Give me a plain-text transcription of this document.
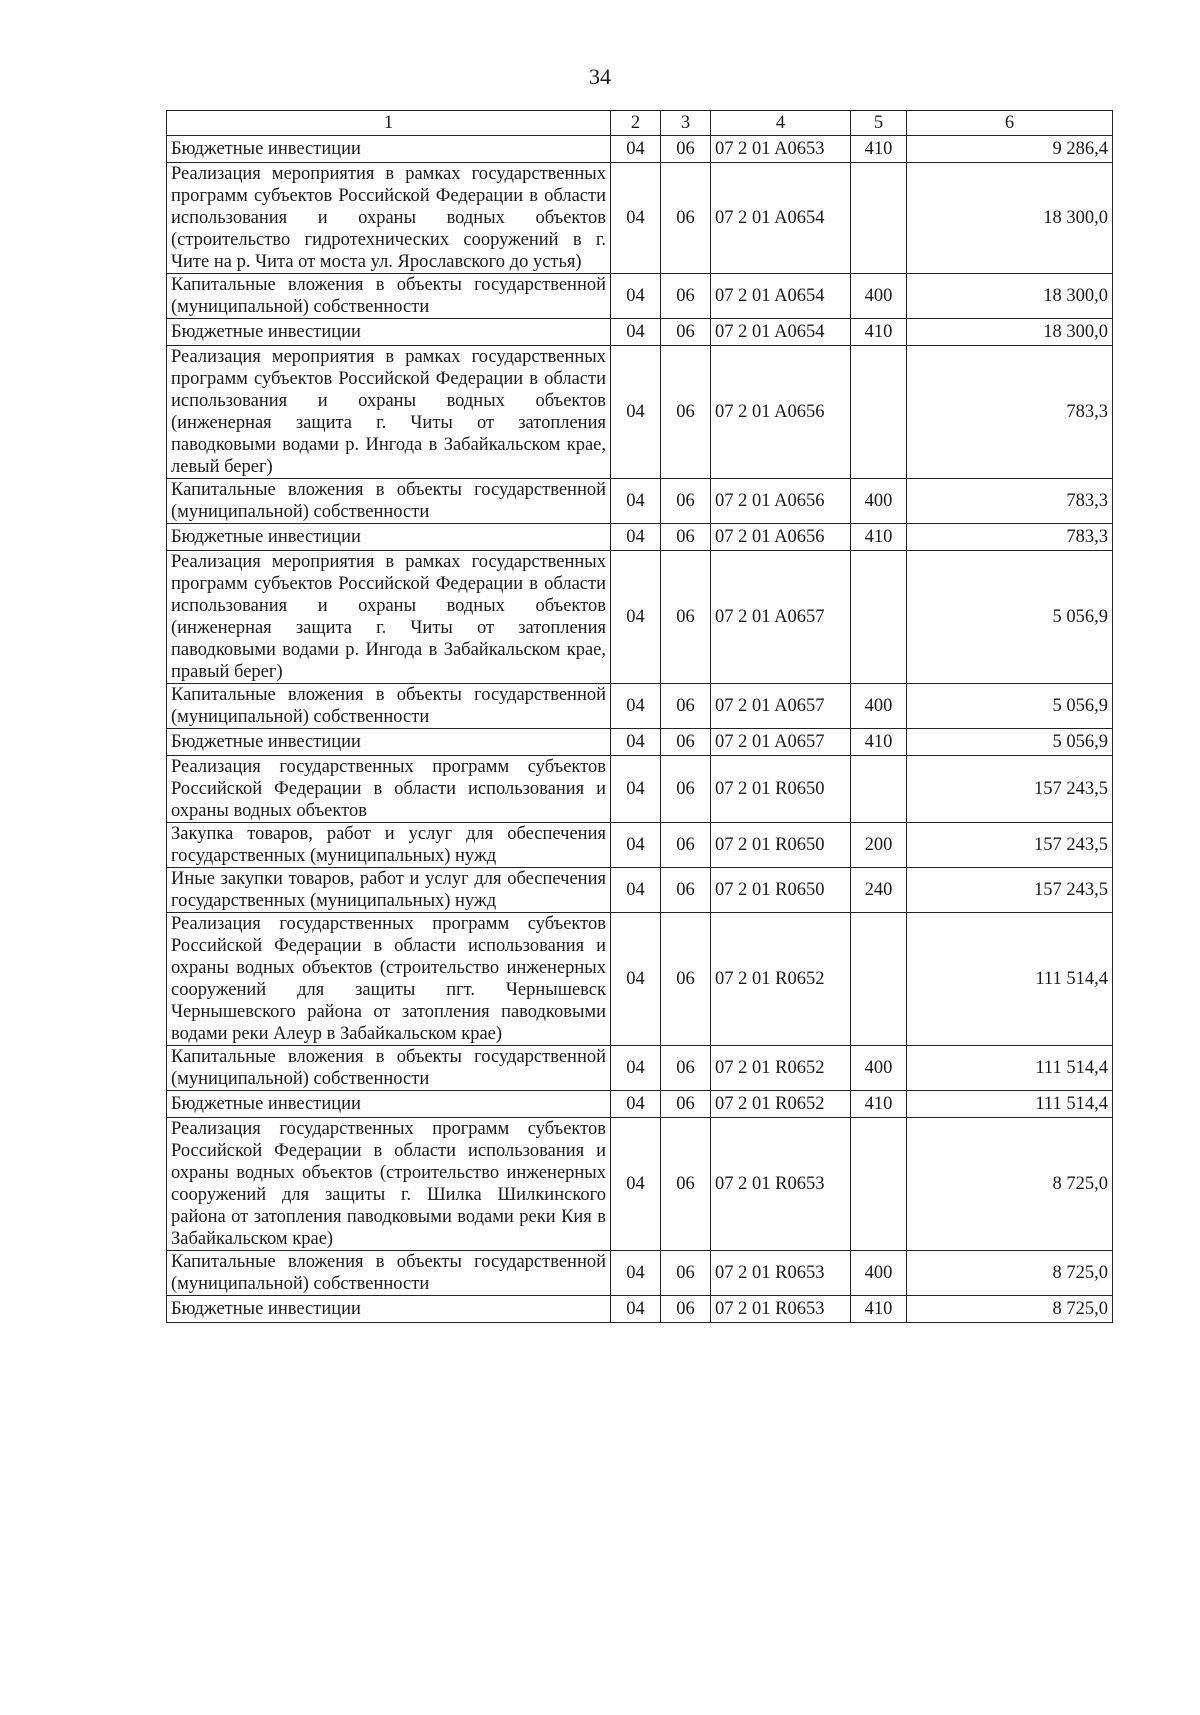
34
1	2	3	4	5	6
Бюджетные инвестиции	04	06	07 2 01 A0653	410	9 286,4
Реализация мероприятия в рамках государственных программ субъектов Российской Федерации в области использования и охраны водных объектов (строительство гидротехнических сооружений в г. Чите на р. Чита от моста ул. Ярославского до устья)	04	06	07 2 01 A0654		18 300,0
Капитальные вложения в объекты государственной (муниципальной) собственности	04	06	07 2 01 A0654	400	18 300,0
Бюджетные инвестиции	04	06	07 2 01 A0654	410	18 300,0
Реализация мероприятия в рамках государственных программ субъектов Российской Федерации в области использования и охраны водных объектов (инженерная защита г. Читы от затопления паводковыми водами р. Ингода в Забайкальском крае, левый берег)	04	06	07 2 01 A0656		783,3
Капитальные вложения в объекты государственной (муниципальной) собственности	04	06	07 2 01 A0656	400	783,3
Бюджетные инвестиции	04	06	07 2 01 A0656	410	783,3
Реализация мероприятия в рамках государственных программ субъектов Российской Федерации в области использования и охраны водных объектов (инженерная защита г. Читы от затопления паводковыми водами р. Ингода в Забайкальском крае, правый берег)	04	06	07 2 01 A0657		5 056,9
Капитальные вложения в объекты государственной (муниципальной) собственности	04	06	07 2 01 A0657	400	5 056,9
Бюджетные инвестиции	04	06	07 2 01 A0657	410	5 056,9
Реализация государственных программ субъектов Российской Федерации в области использования и охраны водных объектов	04	06	07 2 01 R0650		157 243,5
Закупка товаров, работ и услуг для обеспечения государственных (муниципальных) нужд	04	06	07 2 01 R0650	200	157 243,5
Иные закупки товаров, работ и услуг для обеспечения государственных (муниципальных) нужд	04	06	07 2 01 R0650	240	157 243,5
Реализация государственных программ субъектов Российской Федерации в области использования и охраны водных объектов (строительство инженерных сооружений для защиты пгт. Чернышевск Чернышевского района от затопления паводковыми водами реки Алеур в Забайкальском крае)	04	06	07 2 01 R0652		111 514,4
Капитальные вложения в объекты государственной (муниципальной) собственности	04	06	07 2 01 R0652	400	111 514,4
Бюджетные инвестиции	04	06	07 2 01 R0652	410	111 514,4
Реализация государственных программ субъектов Российской Федерации в области использования и охраны водных объектов (строительство инженерных сооружений для защиты г. Шилка Шилкинского района от затопления паводковыми водами реки Кия в Забайкальском крае)	04	06	07 2 01 R0653		8 725,0
Капитальные вложения в объекты государственной (муниципальной) собственности	04	06	07 2 01 R0653	400	8 725,0
Бюджетные инвестиции	04	06	07 2 01 R0653	410	8 725,0
